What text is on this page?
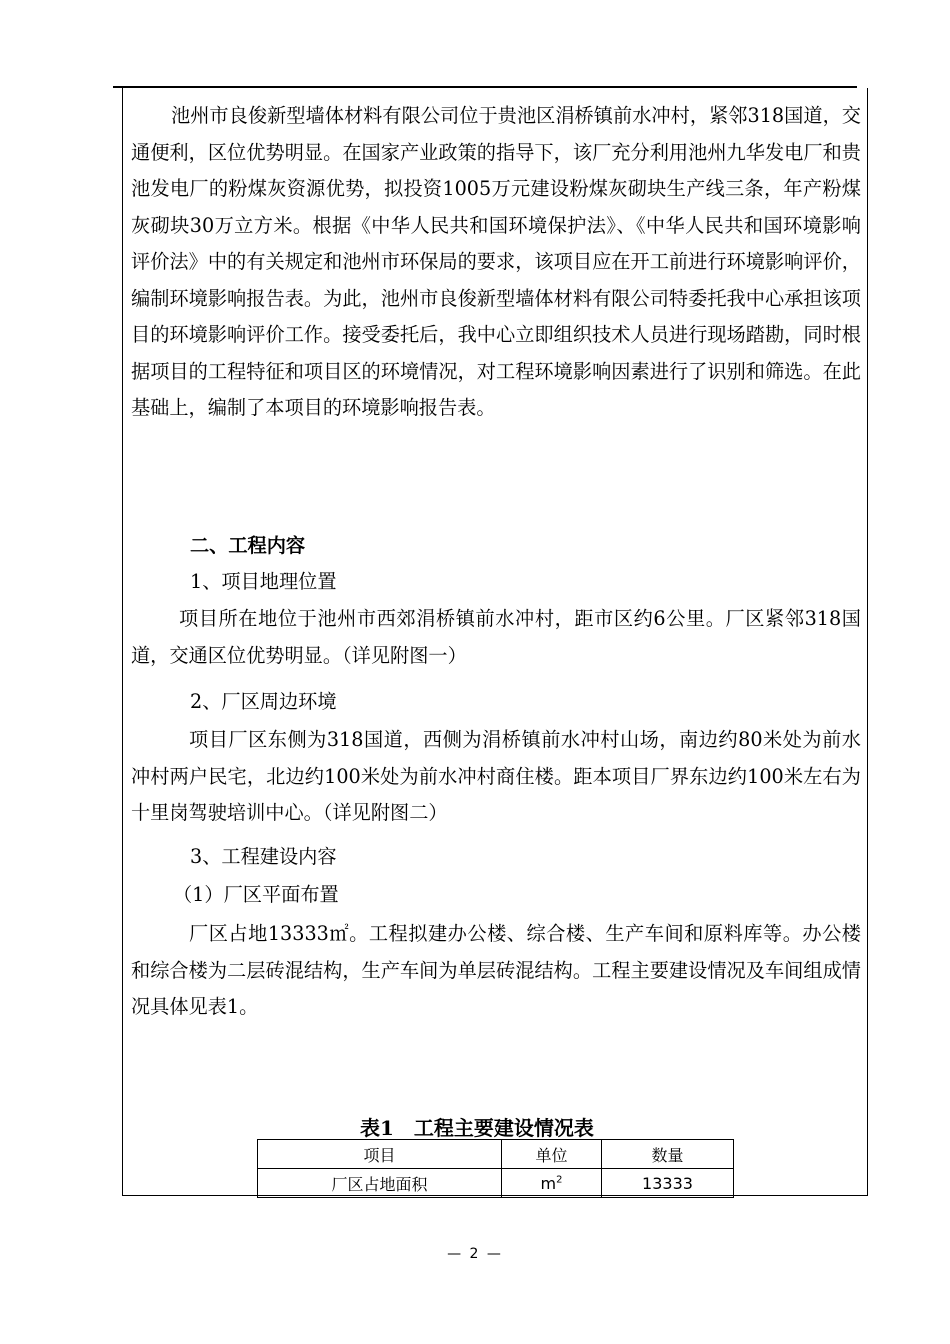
池州市良俊新型墙体材料有限公司位于贵池区涓桥镇前水冲村，紧邻318国道，交通便利，区位优势明显。在国家产业政策的指导下，该厂充分利用池州九华发电厂和贵池发电厂的粉煤灰资源优势，拟投资1005万元建设粉煤灰砌块生产线三条，年产粉煤灰砌块30万立方米。根据《中华人民共和国环境保护法》、《中华人民共和国环境影响评价法》中的有关规定和池州市环保局的要求，该项目应在开工前进行环境影响评价，编制环境影响报告表。为此，池州市良俊新型墙体材料有限公司特委托我中心承担该项目的环境影响评价工作。接受委托后，我中心立即组织技术人员进行现场踏勘，同时根据项目的工程特征和项目区的环境情况，对工程环境影响因素进行了识别和筛选。在此基础上，编制了本项目的环境影响报告表。

二、工程内容
1、项目地理位置

项目所在地位于池州市西郊涓桥镇前水冲村，距市区约6公里。厂区紧邻318国道，交通区位优势明显。（详见附图一）

2、厂区周边环境

项目厂区东侧为318国道，西侧为涓桥镇前水冲村山场，南边约80米处为前水冲村两户民宅，北边约100米处为前水冲村商住楼。距本项目厂界东边约100米左右为十里岗驾驶培训中心。（详见附图二）

3、工程建设内容
（1）厂区平面布置

厂区占地13333㎡。工程拟建办公楼、综合楼、生产车间和原料库等。办公楼和综合楼为二层砖混结构，生产车间为单层砖混结构。工程主要建设情况及车间组成情况具体见表1。

表1　工程主要建设情况表
项目	单位	数量
厂区占地面积	$m^2$	13333
— 2 —
